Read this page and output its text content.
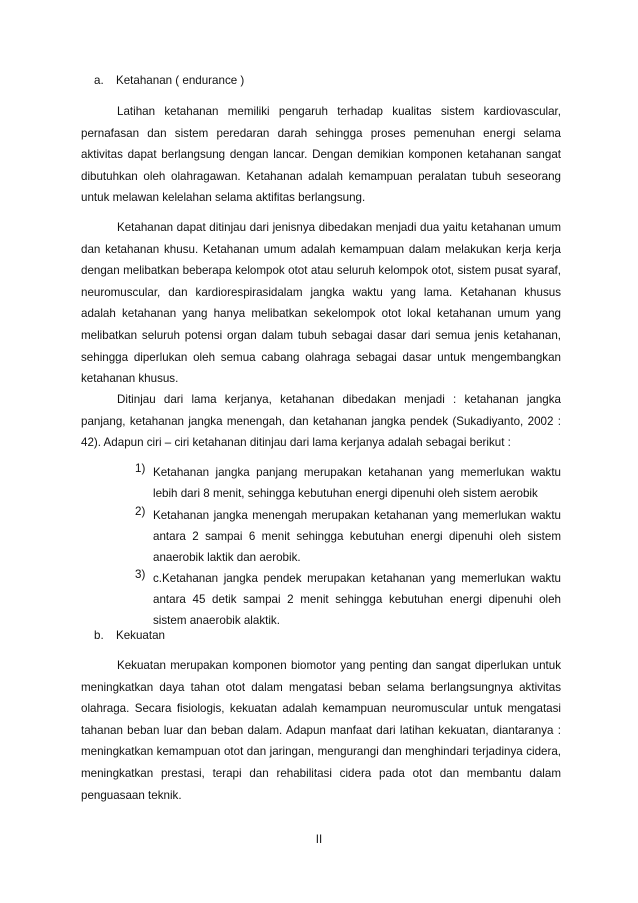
a. Ketahanan ( endurance )

Latihan ketahanan memiliki pengaruh terhadap kualitas sistem kardiovascular, pernafasan dan sistem peredaran darah sehingga proses pemenuhan energi selama aktivitas dapat berlangsung dengan lancar. Dengan demikian komponen ketahanan sangat dibutuhkan oleh olahragawan. Ketahanan adalah kemampuan peralatan tubuh seseorang untuk melawan kelelahan selama aktifitas berlangsung.

Ketahanan dapat ditinjau dari jenisnya dibedakan menjadi dua yaitu ketahanan umum dan ketahanan khusu. Ketahanan umum adalah kemampuan dalam melakukan kerja kerja dengan melibatkan beberapa kelompok otot atau seluruh kelompok otot, sistem pusat syaraf, neuromuscular, dan kardiorespirasidalam jangka waktu yang lama. Ketahanan khusus adalah ketahanan yang hanya melibatkan sekelompok otot lokal ketahanan umum yang melibatkan seluruh potensi organ dalam tubuh sebagai dasar dari semua jenis ketahanan, sehingga diperlukan oleh semua cabang olahraga sebagai dasar untuk mengembangkan ketahanan khusus.

Ditinjau dari lama kerjanya, ketahanan dibedakan menjadi : ketahanan jangka panjang, ketahanan jangka menengah, dan ketahanan jangka pendek (Sukadiyanto, 2002 : 42). Adapun ciri – ciri ketahanan ditinjau dari lama kerjanya adalah sebagai berikut :

1) Ketahanan jangka panjang merupakan ketahanan yang memerlukan waktu lebih dari 8 menit, sehingga kebutuhan energi dipenuhi oleh sistem aerobik
2) Ketahanan jangka menengah merupakan ketahanan yang memerlukan waktu antara 2 sampai 6 menit sehingga kebutuhan energi dipenuhi oleh sistem anaerobik laktik dan aerobik.
3) c.Ketahanan jangka pendek merupakan ketahanan yang memerlukan waktu antara 45 detik sampai 2 menit sehingga kebutuhan energi dipenuhi oleh sistem anaerobik alaktik.
b. Kekuatan

Kekuatan merupakan komponen biomotor yang penting dan sangat diperlukan untuk meningkatkan daya tahan otot dalam mengatasi beban selama berlangsungnya aktivitas olahraga. Secara fisiologis, kekuatan adalah kemampuan neuromuscular untuk mengatasi tahanan beban luar dan beban dalam. Adapun manfaat dari latihan kekuatan, diantaranya : meningkatkan kemampuan otot dan jaringan, mengurangi dan menghindari terjadinya cidera, meningkatkan prestasi, terapi dan rehabilitasi cidera pada otot dan membantu dalam penguasaan teknik.

II
